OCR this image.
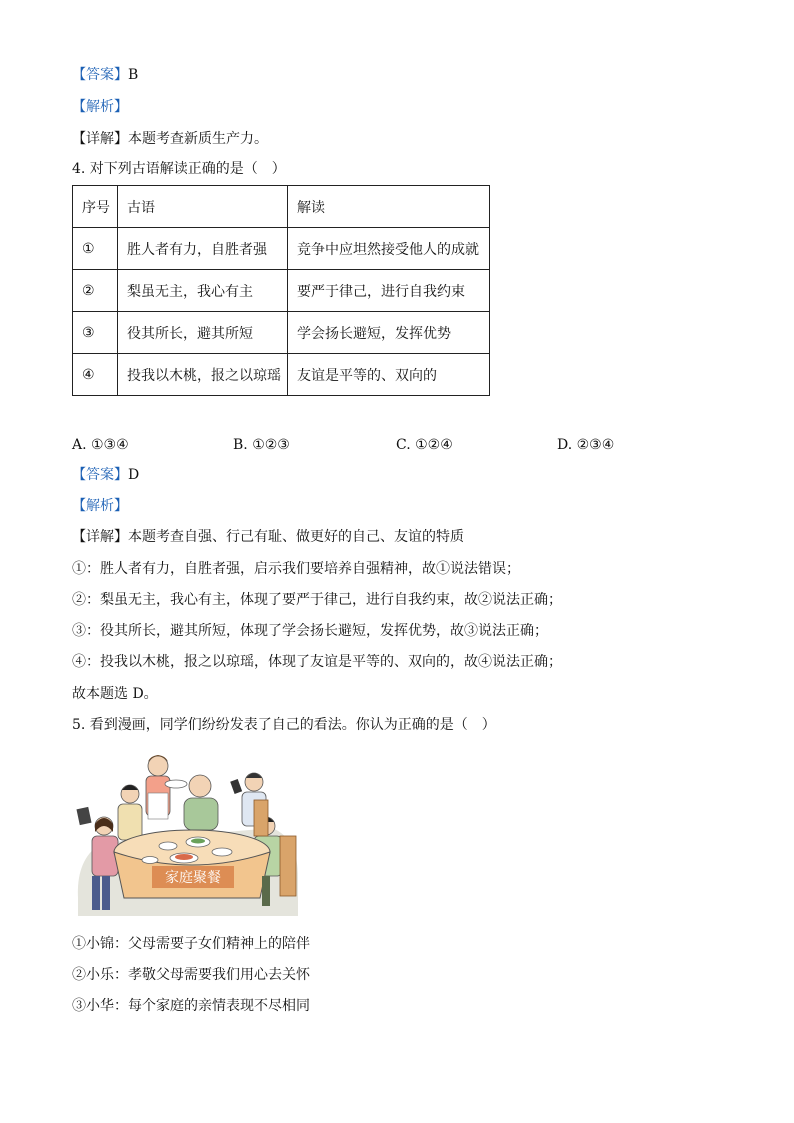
【答案】B
【解析】
【详解】本题考查新质生产力。
4. 对下列古语解读正确的是（　）
序号	古语	解读
①	胜人者有力，自胜者强	竞争中应坦然接受他人的成就
②	梨虽无主，我心有主	要严于律己，进行自我约束
③	役其所长，避其所短	学会扬长避短，发挥优势
④	投我以木桃，报之以琼瑶	友谊是平等的、双向的
A. ①③④	B. ①②③	C. ①②④	D. ②③④
【答案】D
【解析】
【详解】本题考查自强、行己有耻、做更好的自己、友谊的特质
①：胜人者有力，自胜者强，启示我们要培养自强精神，故①说法错误；
②：梨虽无主，我心有主，体现了要严于律己，进行自我约束，故②说法正确；
③：役其所长，避其所短，体现了学会扬长避短，发挥优势，故③说法正确；
④：投我以木桃，报之以琼瑶，体现了友谊是平等的、双向的，故④说法正确；
故本题选 D。
5. 看到漫画，同学们纷纷发表了自己的看法。你认为正确的是（　）
家庭聚餐
①小锦：父母需要子女们精神上的陪伴
②小乐：孝敬父母需要我们用心去关怀
③小华：每个家庭的亲情表现不尽相同
